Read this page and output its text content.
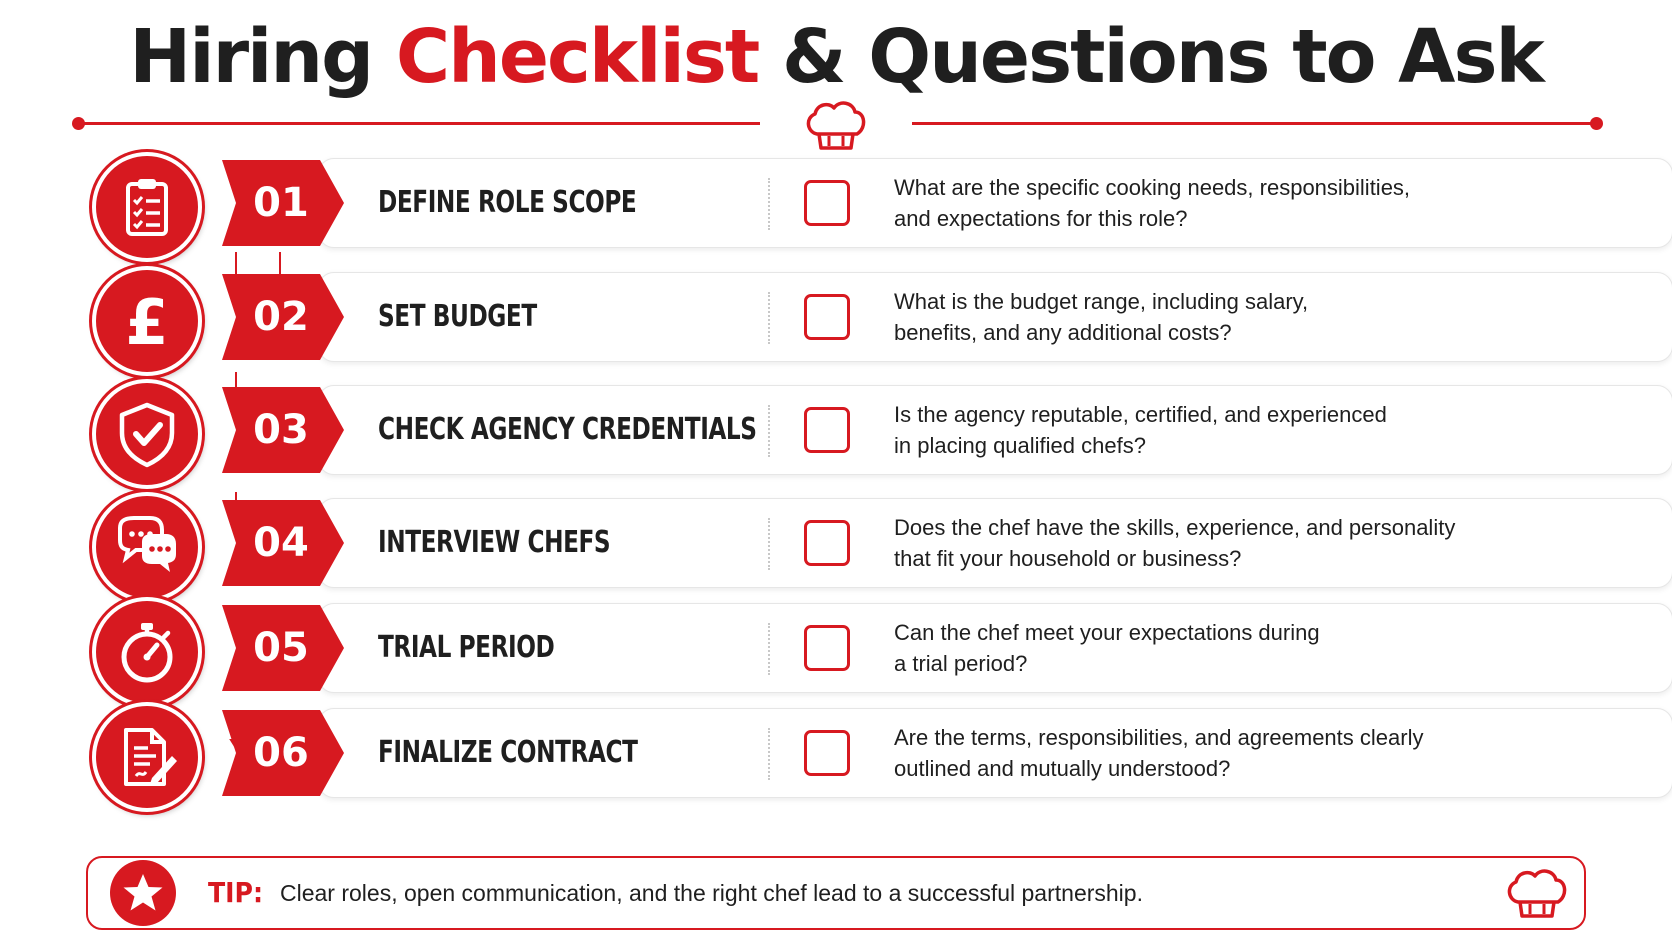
Hiring Checklist & Questions to Ask
01	DEFINE ROLE SCOPE	What are the specific cooking needs, responsibilities,
and expectations for this role?
£	02	SET BUDGET	What is the budget range, including salary,
benefits, and any additional costs?
03	CHECK AGENCY CREDENTIALS	Is the agency reputable, certified, and experienced
in placing qualified chefs?
04	INTERVIEW CHEFS	Does the chef have the skills, experience, and personality
that fit your household or business?
05	TRIAL PERIOD	Can the chef meet your expectations during
a trial period?
06	FINALIZE CONTRACT	Are the terms, responsibilities, and agreements clearly
outlined and mutually understood?
TIP: Clear roles, open communication, and the right chef lead to a successful partnership.
